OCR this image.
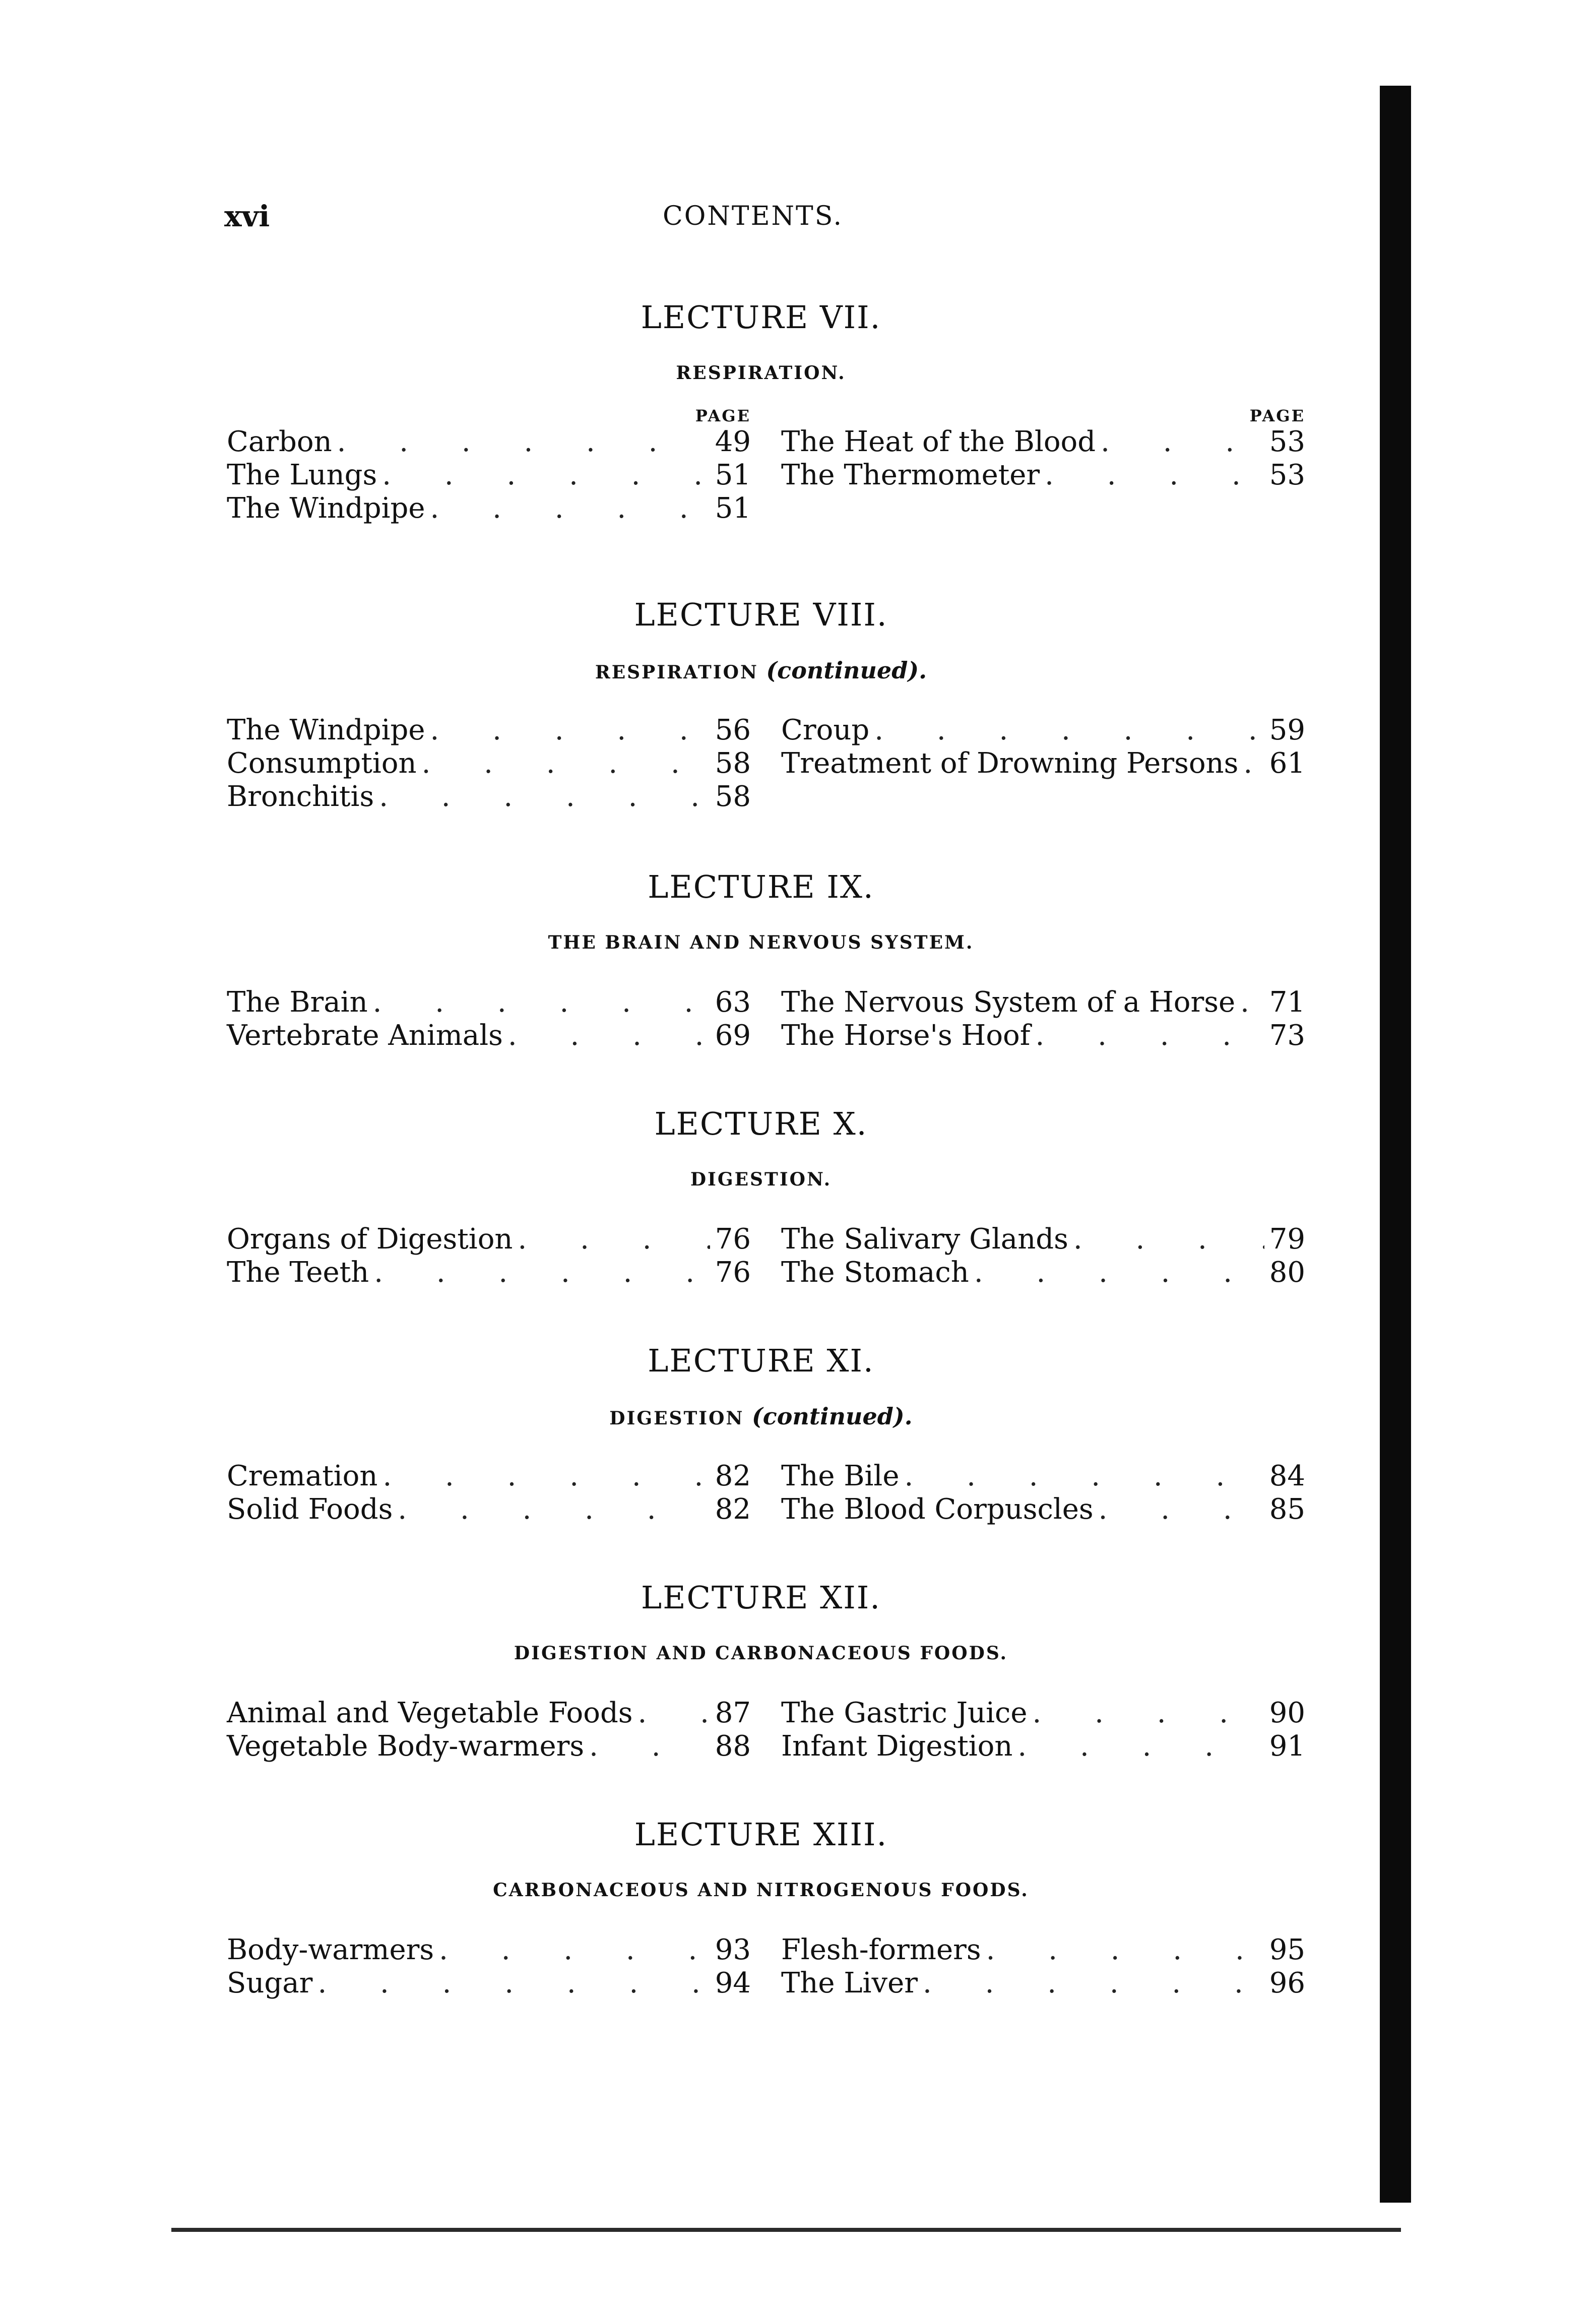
xvi	CONTENTS.
LECTURE VII.
RESPIRATION.
PAGE
Carbon . . .	49
The Lungs . . .	51
The Windpipe . . .	51
PAGE
The Heat of the Blood . . .	53
The Thermometer . . .	53
LECTURE VIII.
RESPIRATION (continued).
The Windpipe . . .	56
Consumption . . .	58
Bronchitis . . .	58
Croup . . .	59
Treatment of Drowning Persons . . . 61
LECTURE IX.
THE BRAIN AND NERVOUS SYSTEM.
The Brain . . .	63
Vertebrate Animals . . .	69
The Nervous System of a Horse . . . 71
The Horse's Hoof . . .	73
LECTURE X.
DIGESTION.
Organs of Digestion . . .	76
The Teeth . . .	76
The Salivary Glands . . .	79
The Stomach . . .	80
LECTURE XI.
DIGESTION (continued).
Cremation . . .	82
Solid Foods . . .	82
The Bile . . .	84
The Blood Corpuscles . . .	85
LECTURE XII.
DIGESTION AND CARBONACEOUS FOODS.
Animal and Vegetable Foods . . .	87
Vegetable Body-warmers . . .	88
The Gastric Juice . . .	90
Infant Digestion . . .	91
LECTURE XIII.
CARBONACEOUS AND NITROGENOUS FOODS.
Body-warmers . . .	93
Sugar . . .	94
Flesh-formers . . .	95
The Liver . . .	96
